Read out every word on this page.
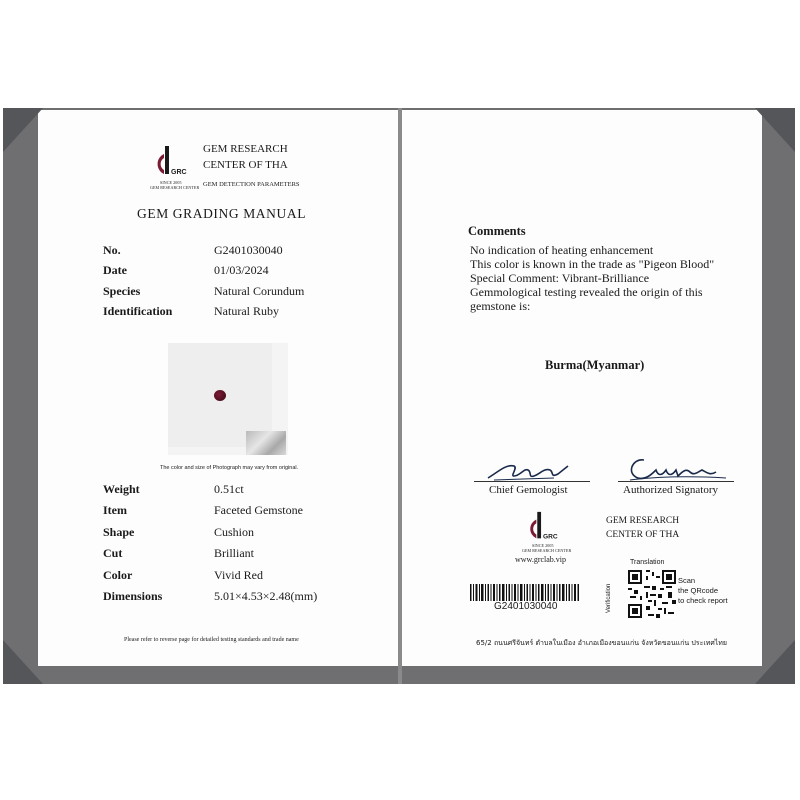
GRC
SINCE 2005
GEM RESEARCH CENTER
GEM RESEARCH
CENTER OF THA
GEM DETECTION PARAMETERS
GEM GRADING MANUAL
No.	G2401030040
Date	01/03/2024
Species	Natural Corundum
Identification	Natural Ruby
The color and size of Photograph may vary from original.
Weight	0.51ct
Item	Faceted Gemstone
Shape	Cushion
Cut	Brilliant
Color	Vivid Red
Dimensions	5.01×4.53×2.48(mm)
Please refer to reverse page for detailed testing standards and trade name
Comments
No indication of heating enhancement
This color is known in the trade as "Pigeon Blood"
Special Comment: Vibrant-Brilliance
Gemmological testing revealed the origin of this
gemstone is:
Burma(Myanmar)
Chief Gemologist	Authorized Signatory
GRC
SINCE 2005
GEM RESEARCH CENTER
www.grclab.vip
GEM RESEARCH
CENTER OF THA
G2401030040
Translation
Verification
Scan
the QRcode
to check report
65/2 ถนนศรีจันทร์ ตำบลในเมือง อำเภอเมืองขอนแก่น จังหวัดขอนแก่น ประเทศไทย
